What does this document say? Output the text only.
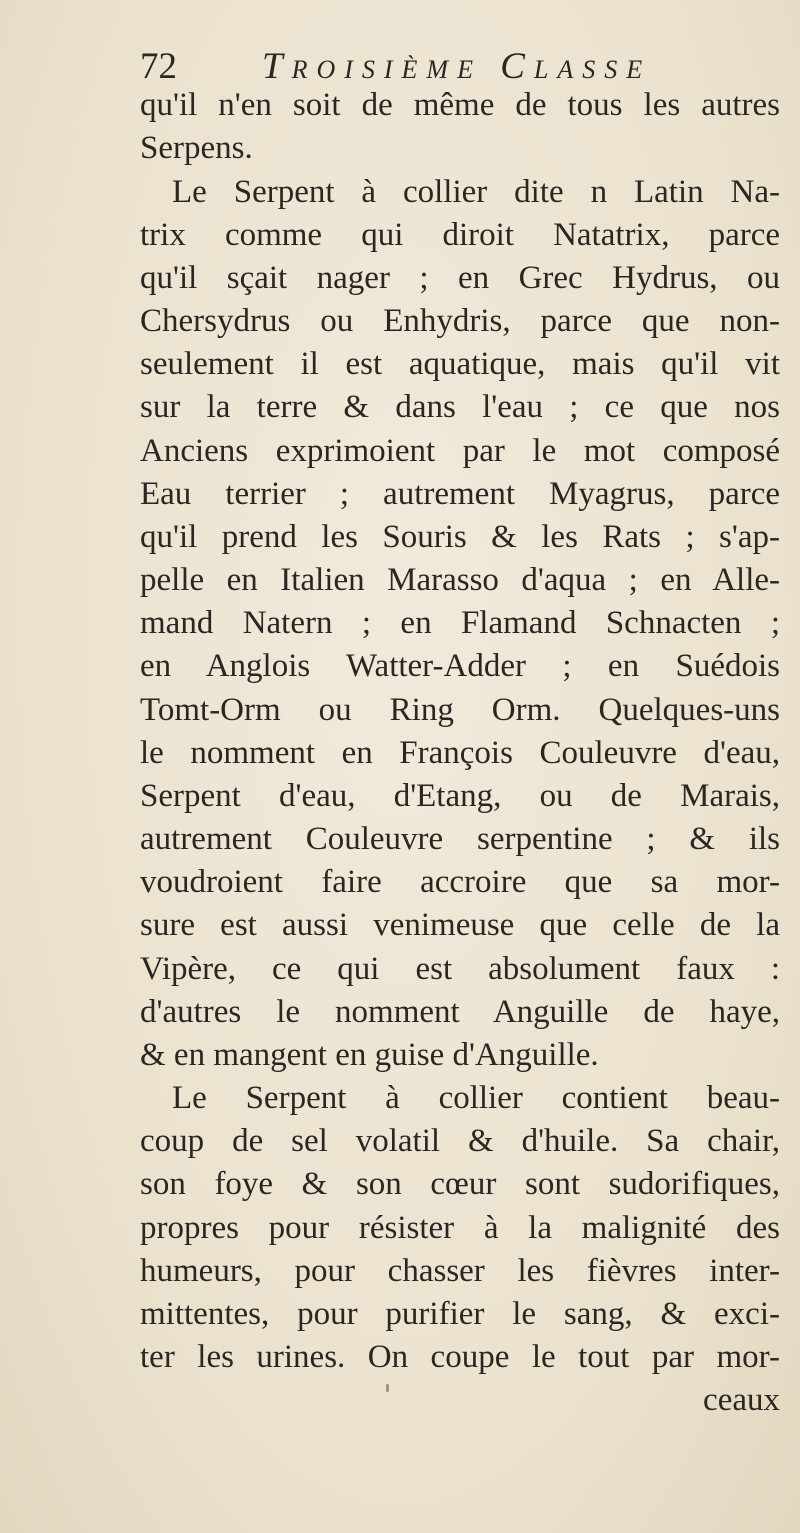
72 Troisième Classe
qu'il n'en soit de même de tous les autres
Serpens.
Le Serpent à collier dite n Latin Na-
trix comme qui diroit Natatrix, parce
qu'il sçait nager ; en Grec Hydrus, ou
Chersydrus ou Enhydris, parce que non-
seulement il est aquatique, mais qu'il vit
sur la terre & dans l'eau ; ce que nos
Anciens exprimoient par le mot composé
Eau terrier ; autrement Myagrus, parce
qu'il prend les Souris & les Rats ; s'ap-
pelle en Italien Marasso d'aqua ; en Alle-
mand Natern ; en Flamand Schnacten ;
en Anglois Watter-Adder ; en Suédois
Tomt-Orm ou Ring Orm. Quelques-uns
le nomment en François Couleuvre d'eau,
Serpent d'eau, d'Etang, ou de Marais,
autrement Couleuvre serpentine ; & ils
voudroient faire accroire que sa mor-
sure est aussi venimeuse que celle de la
Vipère, ce qui est absolument faux :
d'autres le nomment Anguille de haye,
& en mangent en guise d'Anguille.
Le Serpent à collier contient beau-
coup de sel volatil & d'huile. Sa chair,
son foye & son cœur sont sudorifiques,
propres pour résister à la malignité des
humeurs, pour chasser les fièvres inter-
mittentes, pour purifier le sang, & exci-
ter les urines. On coupe le tout par mor-
ceaux
